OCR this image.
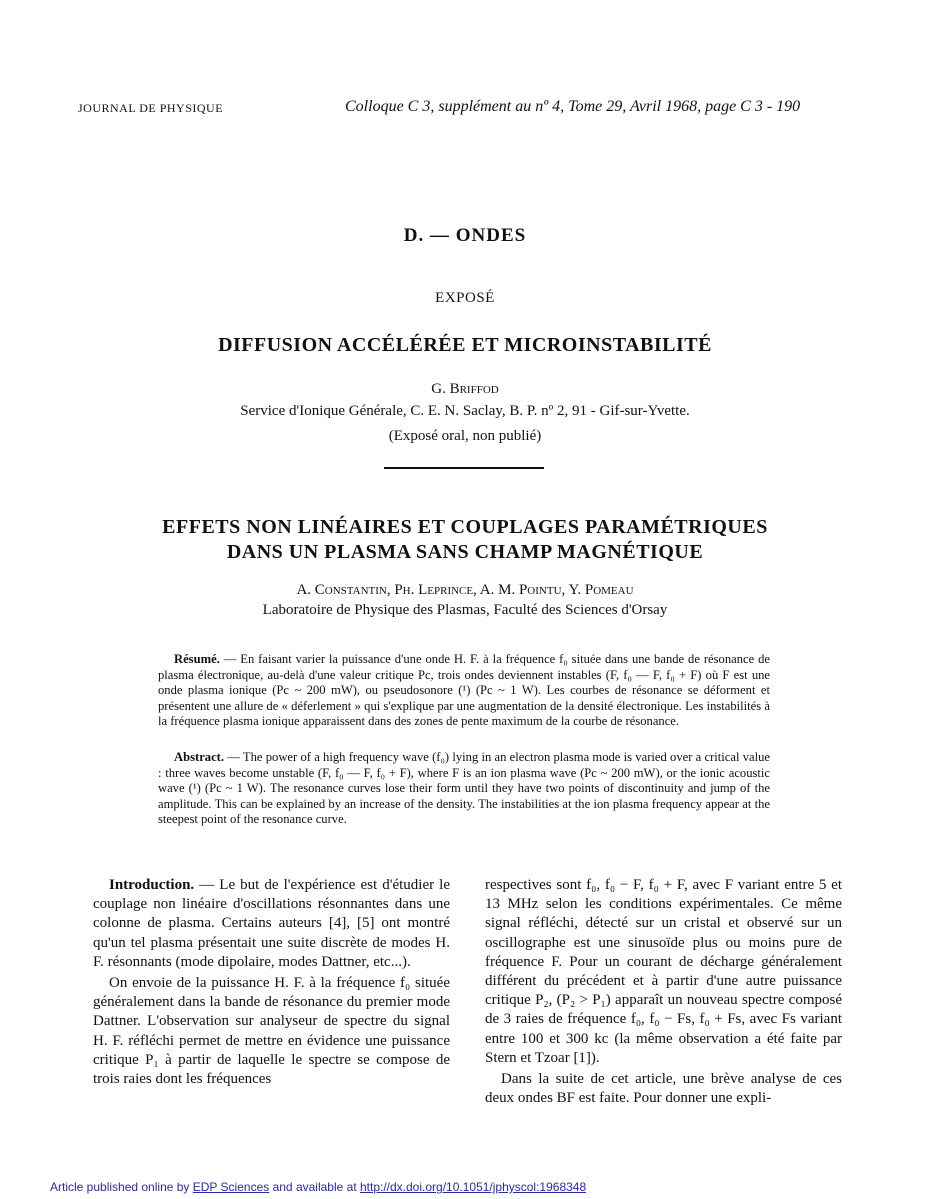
JOURNAL DE PHYSIQUE	Colloque C 3, supplément au nº 4, Tome 29, Avril 1968, page C 3 - 190
D. — ONDES
EXPOSÉ
DIFFUSION ACCÉLÉRÉE ET MICROINSTABILITÉ
G. Briffod
Service d'Ionique Générale, C. E. N. Saclay, B. P. nº 2, 91 - Gif-sur-Yvette.
(Exposé oral, non publié)
EFFETS NON LINÉAIRES ET COUPLAGES PARAMÉTRIQUES
DANS UN PLASMA SANS CHAMP MAGNÉTIQUE
A. Constantin, Ph. Leprince, A. M. Pointu, Y. Pomeau
Laboratoire de Physique des Plasmas, Faculté des Sciences d'Orsay
Résumé. — En faisant varier la puissance d'une onde H. F. à la fréquence f₀ située dans une bande de résonance de plasma électronique, au-delà d'une valeur critique Pc, trois ondes deviennent instables (F, f₀ — F, f₀ + F) où F est une onde plasma ionique (Pc ~ 200 mW), ou pseudosonore (¹) (Pc ~ 1 W). Les courbes de résonance se déforment et présentent une allure de « déferlement » qui s'explique par une augmentation de la densité électronique. Les instabilités à la fréquence plasma ionique apparaissent dans des zones de pente maximum de la courbe de résonance.
Abstract. — The power of a high frequency wave (f₀) lying in an electron plasma mode is varied over a critical value : three waves become unstable (F, f₀ — F, f₀ + F), where F is an ion plasma wave (Pc ~ 200 mW), or the ionic acoustic wave (¹) (Pc ~ 1 W). The resonance curves lose their form until they have two points of discontinuity and jump of the amplitude. This can be explained by an increase of the density. The instabilities at the ion plasma frequency appear at the steepest point of the resonance curve.

Introduction. — Le but de l'expérience est d'étudier le couplage non linéaire d'oscillations résonnantes dans une colonne de plasma. Certains auteurs [4], [5] ont montré qu'un tel plasma présentait une suite discrète de modes H. F. résonnants (mode dipolaire, modes Dattner, etc...).

On envoie de la puissance H. F. à la fréquence f₀ située généralement dans la bande de résonance du premier mode Dattner. L'observation sur analyseur de spectre du signal H. F. réfléchi permet de mettre en évidence une puissance critique P₁ à partir de laquelle le spectre se compose de trois raies dont les fréquences

respectives sont f₀, f₀ − F, f₀ + F, avec F variant entre 5 et 13 MHz selon les conditions expérimentales. Ce même signal réfléchi, détecté sur un cristal et observé sur un oscillographe est une sinusoïde plus ou moins pure de fréquence F. Pour un courant de décharge généralement différent du précédent et à partir d'une autre puissance critique P₂, (P₂ > P₁) apparaît un nouveau spectre composé de 3 raies de fréquence f₀, f₀ − Fs, f₀ + Fs, avec Fs variant entre 100 et 300 kc (la même observation a été faite par Stern et Tzoar [1]).

Dans la suite de cet article, une brève analyse de ces deux ondes BF est faite. Pour donner une expli-

Article published online by EDP Sciences and available at http://dx.doi.org/10.1051/jphyscol:1968348
